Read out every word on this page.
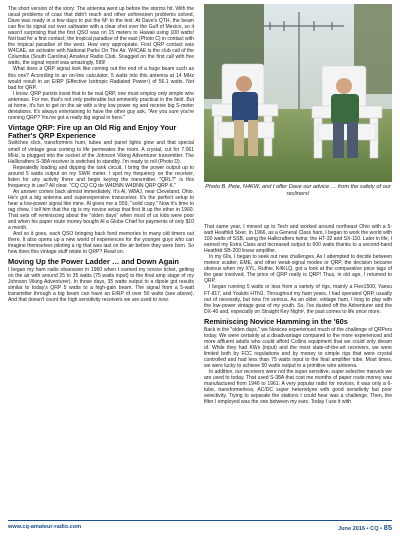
The short version of the story: The antenna went up before the storms hit. With the usual problems of coax that didn't reach and other unforeseen problems solved, Dave was ready in a few days to put the M² to the test. At Dave's QTH, the beam can fire its signal out over saltwater with a clear shot over the Gulf of Mexico, so it wasn't surprising that the first QSO was on 15 meters to Hawaii using 100 watts! Not bad for a first contact; the tropical paradise of the east (Photo C) in contact with the tropical paradise of the west. How very appropriate. First QRP contact was W4CAE, an activator with National Parks On The Air. W4CAE is the club call of the Columbia (South Carolina) Amateur Radio Club. Snagged on the first call with five watts, the signal report was amazingly, 599!

What does a QRP signal look like coming out the end of a huge beam such as this one? According to an on-line calculator, 5 watts into this antenna at 14 MHz would result in an EIRP (Effective Isotropic Radiated Power¹) of 56.1 watts. Not bad for QRP.

I know. QRP purists insist that to be real QRP, one must employ only simple wire antennas. For me, that's not only preferable but eminently practical in the field. But at home, it's fun to get on the air with a tiny low power rig and receive big S-meter deviations. It's always entertaining to have the other guy ask, "Are you sure you're running QRP? You've got a really big signal in here."

Vintage QRP: Fire up an Old Rig and Enjoy Your Father's QRP Experience

Switches click, transformers hum, tubes and panel lights glow and that special smell of vintage gear coming to life permeates the room. A crystal, cut for 7.061 MHz, is plugged into the socket of the Johnson Viking Adventurer transmitter. The Hallicrafters S-38A receiver is switched to standby. I'm ready to roll (Photo D).

Repeatedly loading and dipping the tank circuit, I bring the power output up to around 5 watts output on my SWR meter. I spot my frequency on the receiver, listen for any activity there and begin keying the transmitter. "QRL?" is this frequency in use? All clear. "CQ CQ CQ de W4DNN W4DNN QRP QRP K."

An answer comes back almost immediately. It's Al, W8AJ, near Cleveland, Ohio. He's got a big antenna and superexpensive transceiver. It's the perfect setup to hear a low-power signal like mine. Al gives me a 559, "solid copy." Now it's time to rag chew. I tell him that the rig is my novice setup that first lit up the ether in 1960. That sets off reminiscing about the "olden days" when most of us kids were poor and when his paper route money bought Al a Globe Chief for payments of only $10 a month.

And so it goes, each QSO bringing back fond memories to many old timers out there. It also opens up a new world of experiences for the younger guys who can imagine themselves piloting a rig that was last on the air before they were born. So how does this vintage stuff relate to QRP? Read on.

Moving Up the Power Ladder … and Down Again

I began my ham radio obsession in 1960 when I earned my novice ticket, getting on the air with around 25 to 35 watts (75 watts input) to the final amp stage of my Johnson Viking Adventurer). In those days, 35 watts output to a dipole got results similar to today's QRP 5 watts to a high-gain beam. The signal from a 5-watt transmitter through a big beam can have an EIRP of over 50 watts (see above). And that doesn't count the high sensitivity receivers we are used to now.

Photo B. Pete, N4KW, and I offer Dave our advice … from the safety of our recliners!

That same year, I moved up to Tech and worked around northeast Ohio with a 5-watt Heathkit Sixer. In 1966, as a General Class ham, I began to work the world with 100 watts of SSB, using the Hallicrafters twins; the HT-32 and SX-110. Later in life, I earned my Extra Class and increased output to 600 watts thanks to a second-hand Heathkit SB-200 linear amplifier.

In my 60s, I began to seek out new challenges. As I attempted to decide between meteor scatter, EME, and other weak-signal modes or QRP, the decision became obvious when my XYL, Ruthie, K4KLQ, got a look at the comparative price tags of the gear involved. The price of QRP really is QRP! Thus, in old age, I returned to QRP.

I began running 5 watts or less from a variety of rigs, mainly a Flex1500, Yaesu FT-817, and Youkits HTN1. Throughout my ham years, I had operated QRP, usually out of necessity, but now I'm serious. As an older, vintage ham, I long to play with the low-power vintage gear of my youth. So, I've dusted off the Adventurer and the DX-40 and, especially on Straight Key Night², the past comes to life once more.

Reminiscing Novice Hamming in the '60s

Back in the "olden days," we Novices experienced much of the challenge of QRPers today. We were certainly at a disadvantage compared to the more experienced and more affluent adults who could afford Collins equipment that we could only dream of. While they had KWs (input) and the most state-of-the-art receivers, we were limited both by FCC regulations and by money to simple rigs that were crystal controlled and had less than 75 watts input to the final amplifier tube. Most times, we were lucky to achieve 50 watts output to a primitive wire antenna.

In addition, our receivers were not the super sensitive, super selective marvels we are used to today. That used S-38A that cost me months of paper route money was manufactured from 1946 to 1961. A very popular radio for novices, it was only a 6-tube, transformerless, AC/DC super heterodyne with good sensitivity but poor selectivity. Trying to separate the stations I could hear was a challenge. Then, the filter I employed was the one between my ears. Today I use it with

www.cq-amateur-radio.com	June 2016 • CQ • 85
